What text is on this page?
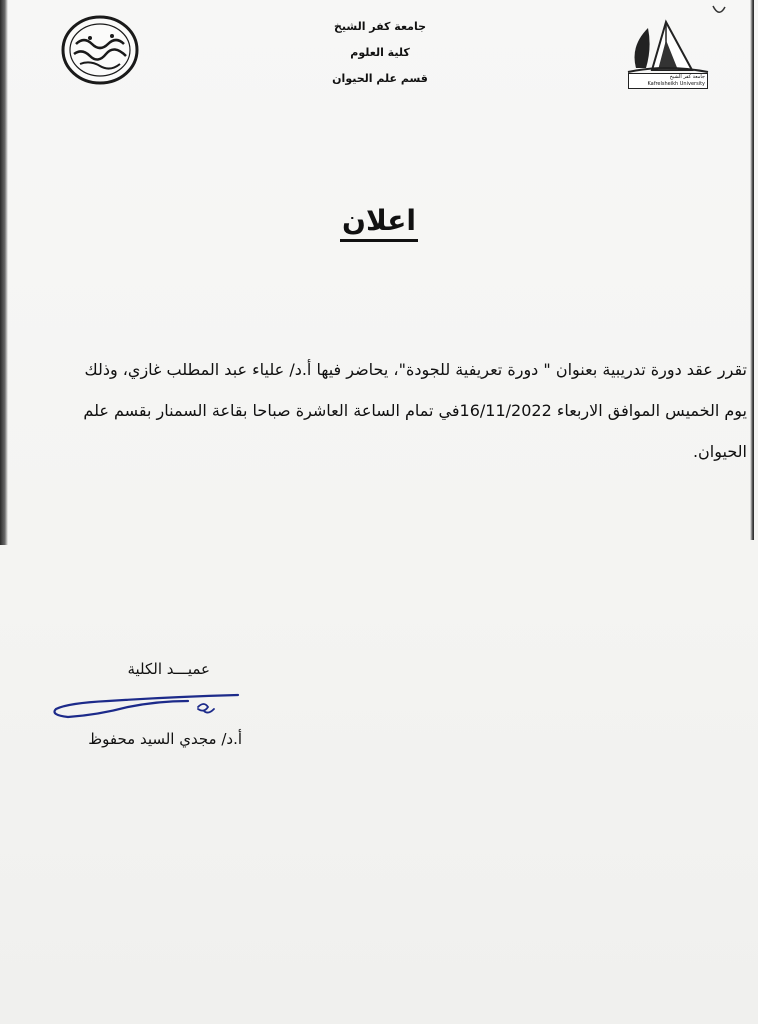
جامعة كفر الشيخ
كلية العلوم
قسم علم الحيوان	جامعة كفر الشيخ
Kafrelsheikh University
اعلان

تقرر عقد دورة تدريبية بعنوان " دورة تعريفية للجودة"، يحاضر فيها أ.د/ علياء عبد المطلب غازي، وذلك

يوم الخميس الموافق الاربعاء 16/11/2022في تمام الساعة العاشرة صباحا بقاعة السمنار بقسم علم

الحيوان.

عميـــد الكلية
أ.د/ مجدي السيد محفوظ
